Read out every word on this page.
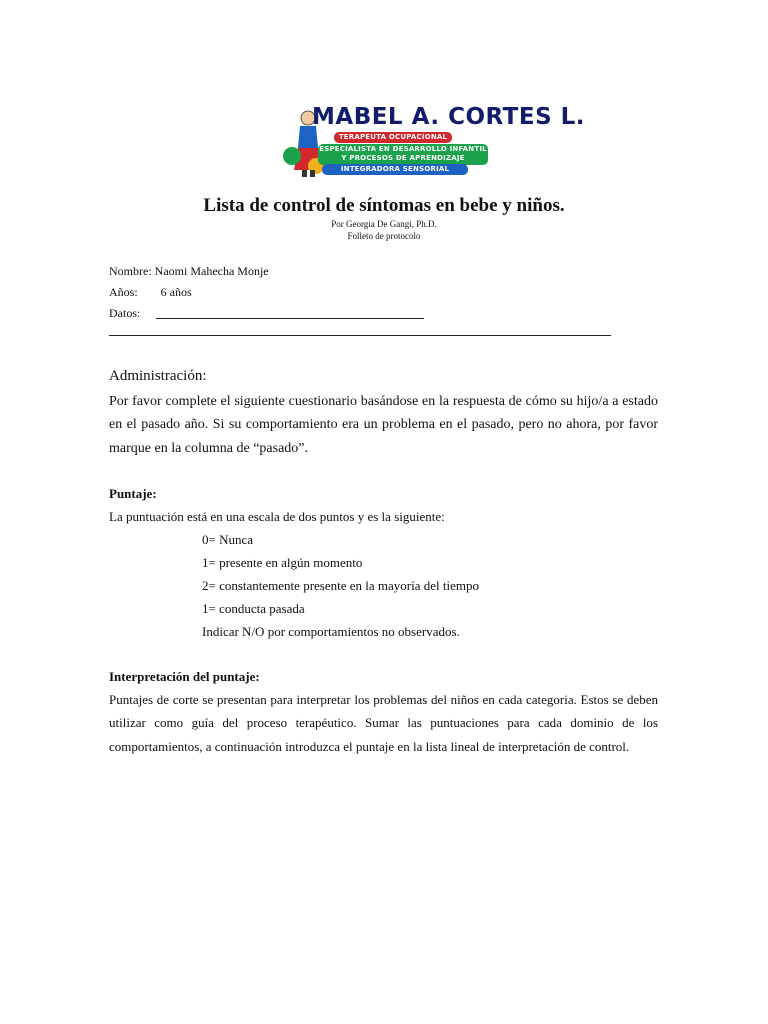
MABEL A. CORTES L.
TERAPEUTA OCUPACIONAL
ESPECIALISTA EN DESARROLLO INFANTIL
Y PROCESOS DE APRENDIZAJE
INTEGRADORA SENSORIAL
Lista de control de síntomas en bebe y niños.
Por Georgia De Gangi, Ph.D.
Folleto de protocolo
Nombre: Naomi Mahecha Monje
Años: 6 años
Datos:
Administración:
Por favor complete el siguiente cuestionario basándose en la respuesta de cómo su hijo/a a estado en el pasado año. Si su comportamiento era un problema en el pasado, pero no ahora, por favor marque en la columna de “pasado”.
Puntaje:
La puntuación está en una escala de dos puntos y es la siguiente:
0= Nunca
1= presente en algún momento
2= constantemente presente en la mayoría del tiempo
1= conducta pasada
Indicar N/O por comportamientos no observados.
Interpretación del puntaje:
Puntajes de corte se presentan para interpretar los problemas del niños en cada categoria. Estos se deben utilizar como guía del proceso terapéutico. Sumar las puntuaciones para cada dominio de los comportamientos, a continuación introduzca el puntaje en la lista lineal de interpretación de control.
